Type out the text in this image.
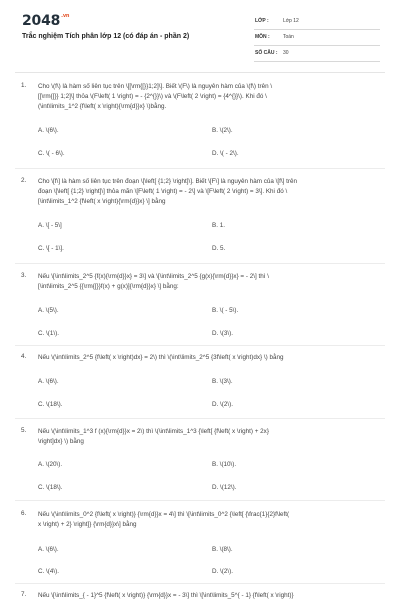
$2048^{.vn}$
Trắc nghiệm Tích phân lớp 12 (có đáp án - phần 2)
LỚP :	Lớp 12
MÔN :	Toán
SỐ CÂU : 30
1. Cho \(f\) là hàm số liên tục trên \[[\rm{[}}1;2]\]. Biết \(F\) là nguyên hàm của \(f\) trên \
[[\rm{[}} 1;2]\] thỏa \(F\left( 1 \right) = - {2^{}}\) và \(F\left( 2 \right) = {4^{}}\). Khi đó \
(\int\limits_1^2 {f\left( x \right){\rm{d}}x} \)bằng.
A. \(6\).	B. \(2\).
C. \( - 6\).	D. \( - 2\).
2. Cho \[f\] là hàm số liên tục trên đoạn \[\left[ {1;2} \right]\]. Biết \[F\] là nguyên hàm của \[f\] trên
đoạn \[\left[ {1;2} \right]\] thỏa mãn \[F\left( 1 \right) = - 2\] và \[F\left( 2 \right) = 3\]. Khi đó \
[\int\limits_1^2 {f\left( x \right){\rm{d}}x} \] bằng
A. \[ - 5\]	B. 1.
C. \[ - 1\].	D. 5.
3. Nếu \[\int\limits_2^5 {f(x){\rm{d}}x} = 3\] và \[\int\limits_2^5 {g(x){\rm{d}}x} = - 2\] thì \
[\int\limits_2^5 {{\rm{[}}f(x) + g(x)]{\rm{d}}x} \] bằng:
A. \(5\).	B. \( - 5\).
C. \(1\).	D. \(3\).
4. Nếu \(\int\limits_2^5 {f\left( x \right)dx} = 2\) thì \(\int\limits_2^5 {3f\left( x \right)dx} \) bằng
A. \(6\).	B. \(3\).
C. \(18\).	D. \(2\).
5. Nếu \(\int\limits_1^3 f (x){\rm{d}}x = 2\) thì \(\int\limits_1^3 {\left[ {f\left( x \right) + 2x}
\right]dx} \) bằng
A. \(20\).	B. \(10\).
C. \(18\).	D. \(12\).
6. Nếu \(\int\limits_0^2 {f\left( x \right)} {\rm{d}}x = 4\] thì \[\int\limits_0^2 {\left[ {\frac{1}{2}f\left(
x \right) + 2} \right]} {\rm{d}}x\] bằng
A. \(6\).	B. \(8\).
C. \(4\).	D. \(2\).
7. Nếu \[\int\limits_{ - 1}^5 {f\left( x \right)} {\rm{d}}x = - 3\] thì \[\int\limits_5^{ - 1} {f\left( x \right)}
